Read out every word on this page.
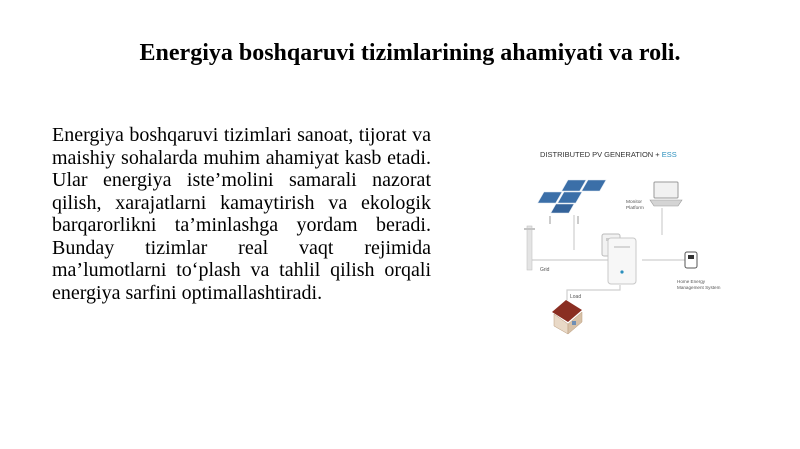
Energiya boshqaruvi tizimlarining ahamiyati va roli.
Energiya boshqaruvi tizimlari sanoat, tijorat va maishiy sohalarda muhim ahamiyat kasb etadi. Ular energiya iste’molini samarali nazorat qilish, xarajatlarni kamaytirish va ekologik barqarorlikni ta’minlashga yordam beradi. Bunday tizimlar real vaqt rejimida ma’lumotlarni to‘plash va tahlil qilish orqali energiya sarfini optimallashtiradi.
DISTRIBUTED PV GENERATION + ESS
Grid
Monitor
Platform
Home Energy
Management System
Load
